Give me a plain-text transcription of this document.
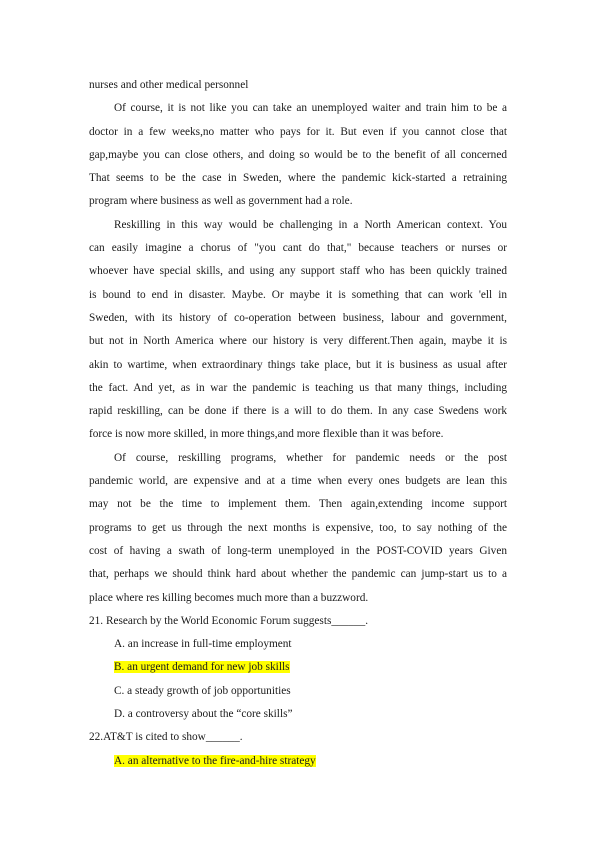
nurses and other medical personnel
Of course, it is not like you can take an unemployed waiter and train him to be a
doctor in a few weeks,no matter who pays for it. But even if you cannot close that
gap,maybe you can close others, and doing so would be to the benefit of all concerned
That seems to be the case in Sweden, where the pandemic kick-started a retraining
program where business as well as government had a role.
Reskilling in this way would be challenging in a North American context. You
can easily imagine a chorus of "you cant do that," because teachers or nurses or
whoever have special skills, and using any support staff who has been quickly trained
is bound to end in disaster. Maybe. Or maybe it is something that can work 'ell in
Sweden, with its history of co-operation between business, labour and government,
but not in North America where our history is very different.Then again, maybe it is
akin to wartime, when extraordinary things take place, but it is business as usual after
the fact. And yet, as in war the pandemic is teaching us that many things, including
rapid reskilling, can be done if there is a will to do them. In any case Swedens work
force is now more skilled, in more things,and more flexible than it was before.
Of course, reskilling programs, whether for pandemic needs or the post
pandemic world, are expensive and at a time when every ones budgets are lean this
may not be the time to implement them. Then again,extending income support
programs to get us through the next months is expensive, too, to say nothing of the
cost of having a swath of long-term unemployed in the POST-COVID years Given
that, perhaps we should think hard about whether the pandemic can jump-start us to a
place where res killing becomes much more than a buzzword.
21. Research by the World Economic Forum suggests______.
A. an increase in full-time employment
B. an urgent demand for new job skills
C. a steady growth of job opportunities
D. a controversy about the “core skills”
22.AT&T is cited to show______.
A. an alternative to the fire-and-hire strategy
